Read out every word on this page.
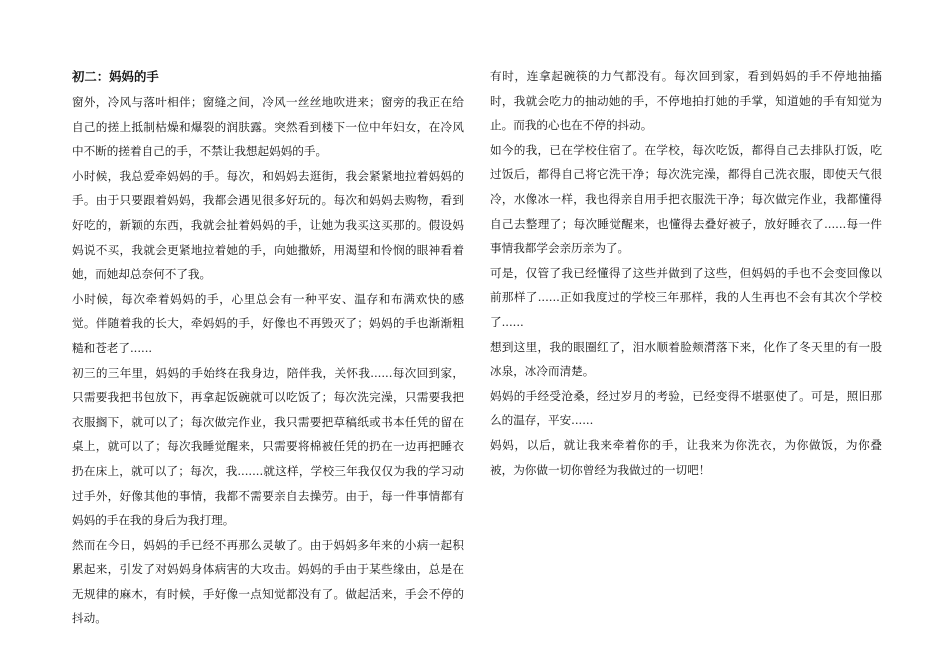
初二：妈妈的手

窗外，冷风与落叶相伴；窗缝之间，冷风一丝丝地吹进来；窗旁的我正在给自己的搓上抵制枯燥和爆裂的润肤露。突然看到楼下一位中年妇女，在冷风中不断的搓着自己的手，不禁让我想起妈妈的手。

小时候，我总爱牵妈妈的手。每次，和妈妈去逛街，我会紧紧地拉着妈妈的手。由于只要跟着妈妈，我都会遇见很多好玩的。每次和妈妈去购物，看到好吃的，新颖的东西，我就会扯着妈妈的手，让她为我买这买那的。假设妈妈说不买，我就会更紧地拉着她的手，向她撒娇，用渴望和怜悯的眼神看着她，而她却总奈何不了我。

小时候，每次牵着妈妈的手，心里总会有一种平安、温存和布满欢快的感觉。伴随着我的长大，牵妈妈的手，好像也不再毁灭了；妈妈的手也渐渐粗糙和苍老了......

初三的三年里，妈妈的手始终在我身边，陪伴我，关怀我......每次回到家，只需要我把书包放下，再拿起饭碗就可以吃饭了；每次洗完澡，只需要我把衣服搁下，就可以了；每次做完作业，我只需要把草稿纸或书本任凭的留在桌上，就可以了；每次我睡觉醒来，只需要将棉被任凭的扔在一边再把睡衣扔在床上，就可以了；每次，我.......就这样，学校三年我仅仅为我的学习动过手外，好像其他的事情，我都不需要亲自去操劳。由于，每一件事情都有妈妈的手在我的身后为我打理。

然而在今日，妈妈的手已经不再那么灵敏了。由于妈妈多年来的小病一起积累起来，引发了对妈妈身体病害的大攻击。妈妈的手由于某些缘由，总是在无规律的麻木，有时候，手好像一点知觉都没有了。做起活来，手会不停的抖动。

有时，连拿起碗筷的力气都没有。每次回到家，看到妈妈的手不停地抽搐时，我就会吃力的抽动她的手，不停地拍打她的手掌，知道她的手有知觉为止。而我的心也在不停的抖动。

如今的我，已在学校住宿了。在学校，每次吃饭，都得自己去排队打饭，吃过饭后，都得自己将它洗干净；每次洗完澡，都得自己洗衣服，即使天气很冷，水像冰一样，我也得亲自用手把衣服洗干净；每次做完作业，我都懂得自己去整理了；每次睡觉醒来，也懂得去叠好被子，放好睡衣了......每一件事情我都学会亲历亲为了。

可是，仅管了我已经懂得了这些并做到了这些，但妈妈的手也不会变回像以前那样了......正如我度过的学校三年那样，我的人生再也不会有其次个学校了......

想到这里，我的眼圈红了，泪水顺着脸颊潸落下来，化作了冬天里的有一股冰泉，冰冷而清楚。

妈妈的手经受沧桑，经过岁月的考验，已经变得不堪驱使了。可是，照旧那么的温存，平安......

妈妈，以后，就让我来牵着你的手，让我来为你洗衣，为你做饭，为你叠被，为你做一切你曾经为我做过的一切吧！
